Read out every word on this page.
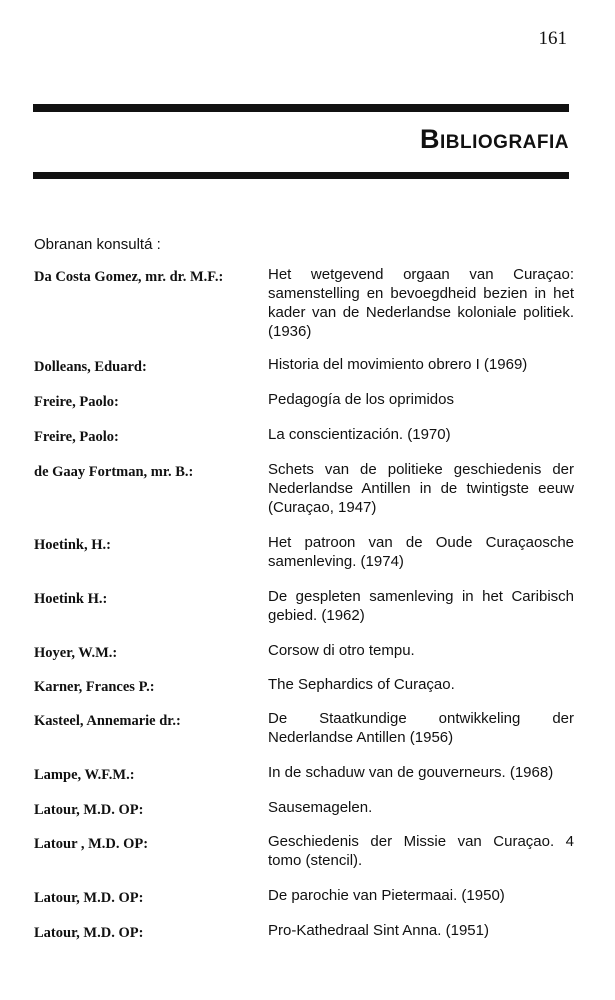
161
Bibliografia
Obranan konsultá :
Da Costa Gomez, mr. dr. M.F.:	Het wetgevend orgaan van Curaçao: samenstelling en bevoegdheid bezien in het kader van de Nederlandse koloniale politiek. (1936)
Dolleans, Eduard:	Historia del movimiento obrero I (1969)
Freire, Paolo:	Pedagogía de los oprimidos
Freire, Paolo:	La conscientización. (1970)
de Gaay Fortman, mr. B.:	Schets van de politieke geschiedenis der Nederlandse Antillen in de twintigste eeuw (Curaçao, 1947)
Hoetink, H.:	Het patroon van de Oude Curaçaosche samenleving. (1974)
Hoetink H.:	De gespleten samenleving in het Caribisch gebied. (1962)
Hoyer, W.M.:	Corsow di otro tempu.
Karner, Frances P.:	The Sephardics of Curaçao.
Kasteel, Annemarie dr.:	De Staatkundige ontwikkeling der Nederlandse Antillen (1956)
Lampe, W.F.M.:	In de schaduw van de gouverneurs. (1968)
Latour, M.D. OP:	Sausemagelen.
Latour , M.D. OP:	Geschiedenis der Missie van Curaçao. 4 tomo (stencil).
Latour, M.D. OP:	De parochie van Pietermaai. (1950)
Latour, M.D. OP:	Pro-Kathedraal Sint Anna. (1951)
